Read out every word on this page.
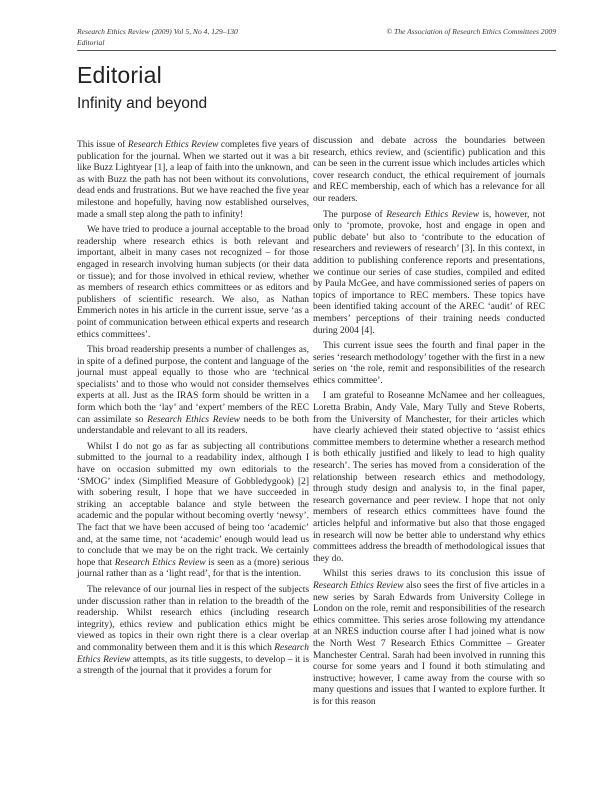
Research Ethics Review (2009) Vol 5, No 4, 129–130	© The Association of Research Ethics Committees 2009
Editorial
Editorial
Infinity and beyond

This issue of Research Ethics Review completes five years of publication for the journal. When we started out it was a bit like Buzz Lightyear [1], a leap of faith into the unknown, and as with Buzz the path has not been without its convolutions, dead ends and frustrations. But we have reached the five year milestone and hopefully, having now established ourselves, made a small step along the path to infinity!

We have tried to produce a journal acceptable to the broad readership where research ethics is both relevant and important, albeit in many cases not recognized – for those engaged in research involving human subjects (or their data or tissue); and for those involved in ethical review, whether as members of research ethics committees or as editors and publishers of scientific research. We also, as Nathan Emmerich notes in his article in the current issue, serve ‘as a point of communication between ethical experts and research ethics committees’.

This broad readership presents a number of challenges as, in spite of a defined purpose, the content and language of the journal must appeal equally to those who are ‘technical specialists’ and to those who would not consider themselves experts at all. Just as the IRAS form should be written in a form which both the ‘lay’ and ‘expert’ members of the REC can assimilate so Research Ethics Review needs to be both understandable and relevant to all its readers.

Whilst I do not go as far as subjecting all contributions submitted to the journal to a readability index, although I have on occasion submitted my own editorials to the ‘SMOG’ index (Simplified Measure of Gobbledygook) [2] with sobering result, I hope that we have succeeded in striking an acceptable balance and style between the academic and the popular without becoming overtly ‘newsy’. The fact that we have been accused of being too ‘academic’ and, at the same time, not ‘academic’ enough would lead us to conclude that we may be on the right track. We certainly hope that Research Ethics Review is seen as a (more) serious journal rather than as a ‘light read’, for that is the intention.

The relevance of our journal lies in respect of the subjects under discussion rather than in relation to the breadth of the readership. Whilst research ethics (including research integrity), ethics review and publication ethics might be viewed as topics in their own right there is a clear overlap and commonality between them and it is this which Research Ethics Review attempts, as its title suggests, to develop – it is a strength of the journal that it provides a forum for

discussion and debate across the boundaries between research, ethics review, and (scientific) publication and this can be seen in the current issue which includes articles which cover research conduct, the ethical requirement of journals and REC membership, each of which has a relevance for all our readers.

The purpose of Research Ethics Review is, however, not only to ‘promote, provoke, host and engage in open and public debate’ but also to ‘contribute to the education of researchers and reviewers of research’ [3]. In this context, in addition to publishing conference reports and presentations, we continue our series of case studies, compiled and edited by Paula McGee, and have commissioned series of papers on topics of importance to REC members. These topics have been identified taking account of the AREC ‘audit’ of REC members’ perceptions of their training needs conducted during 2004 [4].

This current issue sees the fourth and final paper in the series ‘research methodology’ together with the first in a new series on ‘the role, remit and responsibilities of the research ethics committee’.

I am grateful to Roseanne McNamee and her colleagues, Loretta Brabin, Andy Vale, Mary Tully and Steve Roberts, from the University of Manchester, for their articles which have clearly achieved their stated objective to ‘assist ethics committee members to determine whether a research method is both ethically justified and likely to lead to high quality research’. The series has moved from a consideration of the relationship between research ethics and methodology, through study design and analysis to, in the final paper, research governance and peer review. I hope that not only members of research ethics committees have found the articles helpful and informative but also that those engaged in research will now be better able to understand why ethics committees address the breadth of methodological issues that they do.

Whilst this series draws to its conclusion this issue of Research Ethics Review also sees the first of five articles in a new series by Sarah Edwards from University College in London on the role, remit and responsibilities of the research ethics committee. This series arose following my attendance at an NRES induction course after I had joined what is now the North West 7 Research Ethics Committee – Greater Manchester Central. Sarah had been involved in running this course for some years and I found it both stimulating and instructive; however, I came away from the course with so many questions and issues that I wanted to explore further. It is for this reason
